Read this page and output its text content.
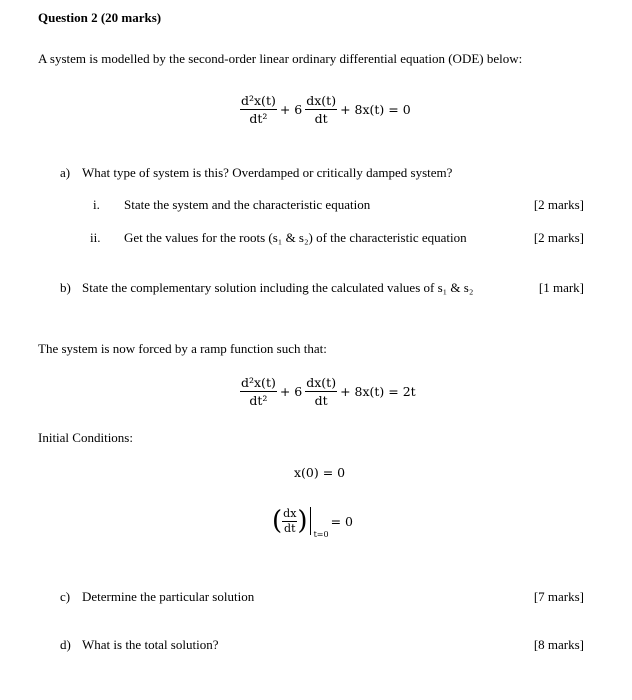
Question 2 (20 marks)
A system is modelled by the second-order linear ordinary differential equation (ODE) below:
$\frac{\text{d²x(t)}}{\text{dt²}} + 6 \frac{dx(t)}{dt} + 8x(t) = 0$
a) What type of system is this? Overdamped or critically damped system?
i. State the system and the characteristic equation	[2 marks]
ii. Get the values for the roots (s₁ & s₂) of the characteristic equation	[2 marks]
b) State the complementary solution including the calculated values of s₁ & s₂	[1 mark]
The system is now forced by a ramp function such that:
$\frac{\text{d²x(t)}}{\text{dt²}} + 6 \frac{dx(t)}{dt} + 8x(t) = 2t$
Initial Conditions:
x(0) = 0
( $\frac{dx}{dt}$ ) t=0
= 0
c) Determine the particular solution	[7 marks]
d) What is the total solution?	[8 marks]
